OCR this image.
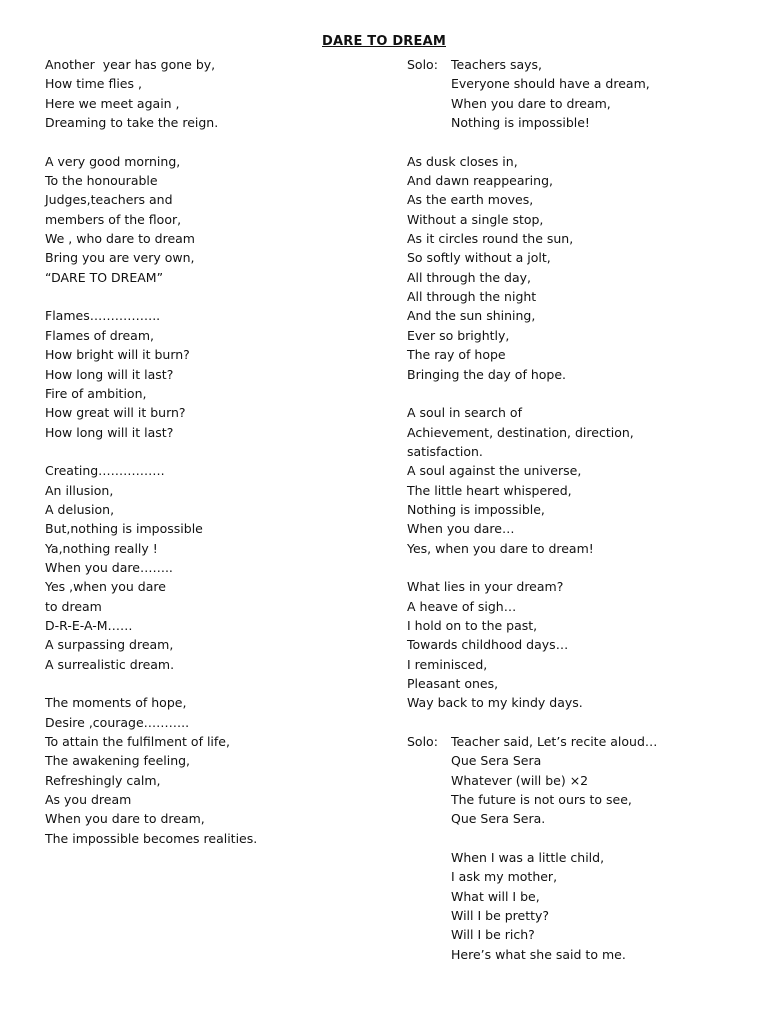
DARE TO DREAM
Another  year has gone by,
How time flies ,
Here we meet again ,
Dreaming to take the reign.
A very good morning,
To the honourable
Judges,teachers and
members of the floor,
We , who dare to dream
Bring you are very own,
“DARE TO DREAM”
Flames……………..
Flames of dream,
How bright will it burn?
How long will it last?
Fire of ambition,
How great will it burn?
How long will it last?
Creating…………….
An illusion,
A delusion,
But,nothing is impossible
Ya,nothing really !
When you dare……..
Yes ,when you dare
to dream
D-R-E-A-M……
A surpassing dream,
A surrealistic dream.
The moments of hope,
Desire ,courage………..
To attain the fulfilment of life,
The awakening feeling,
Refreshingly calm,
As you dream
When you dare to dream,
The impossible becomes realities.
Solo: Teachers says,
Everyone should have a dream,
When you dare to dream,
Nothing is impossible!
As dusk closes in,
And dawn reappearing,
As the earth moves,
Without a single stop,
As it circles round the sun,
So softly without a jolt,
All through the day,
All through the night
And the sun shining,
Ever so brightly,
The ray of hope
Bringing the day of hope.
A soul in search of
Achievement, destination, direction,
satisfaction.
A soul against the universe,
The little heart whispered,
Nothing is impossible,
When you dare…
Yes, when you dare to dream!
What lies in your dream?
A heave of sigh…
I hold on to the past,
Towards childhood days…
I reminisced,
Pleasant ones,
Way back to my kindy days.
Solo: Teacher said, Let’s recite aloud…
Que Sera Sera
Whatever (will be) ×2
The future is not ours to see,
Que Sera Sera.
When I was a little child,
I ask my mother,
What will I be,
Will I be pretty?
Will I be rich?
Here’s what she said to me.
